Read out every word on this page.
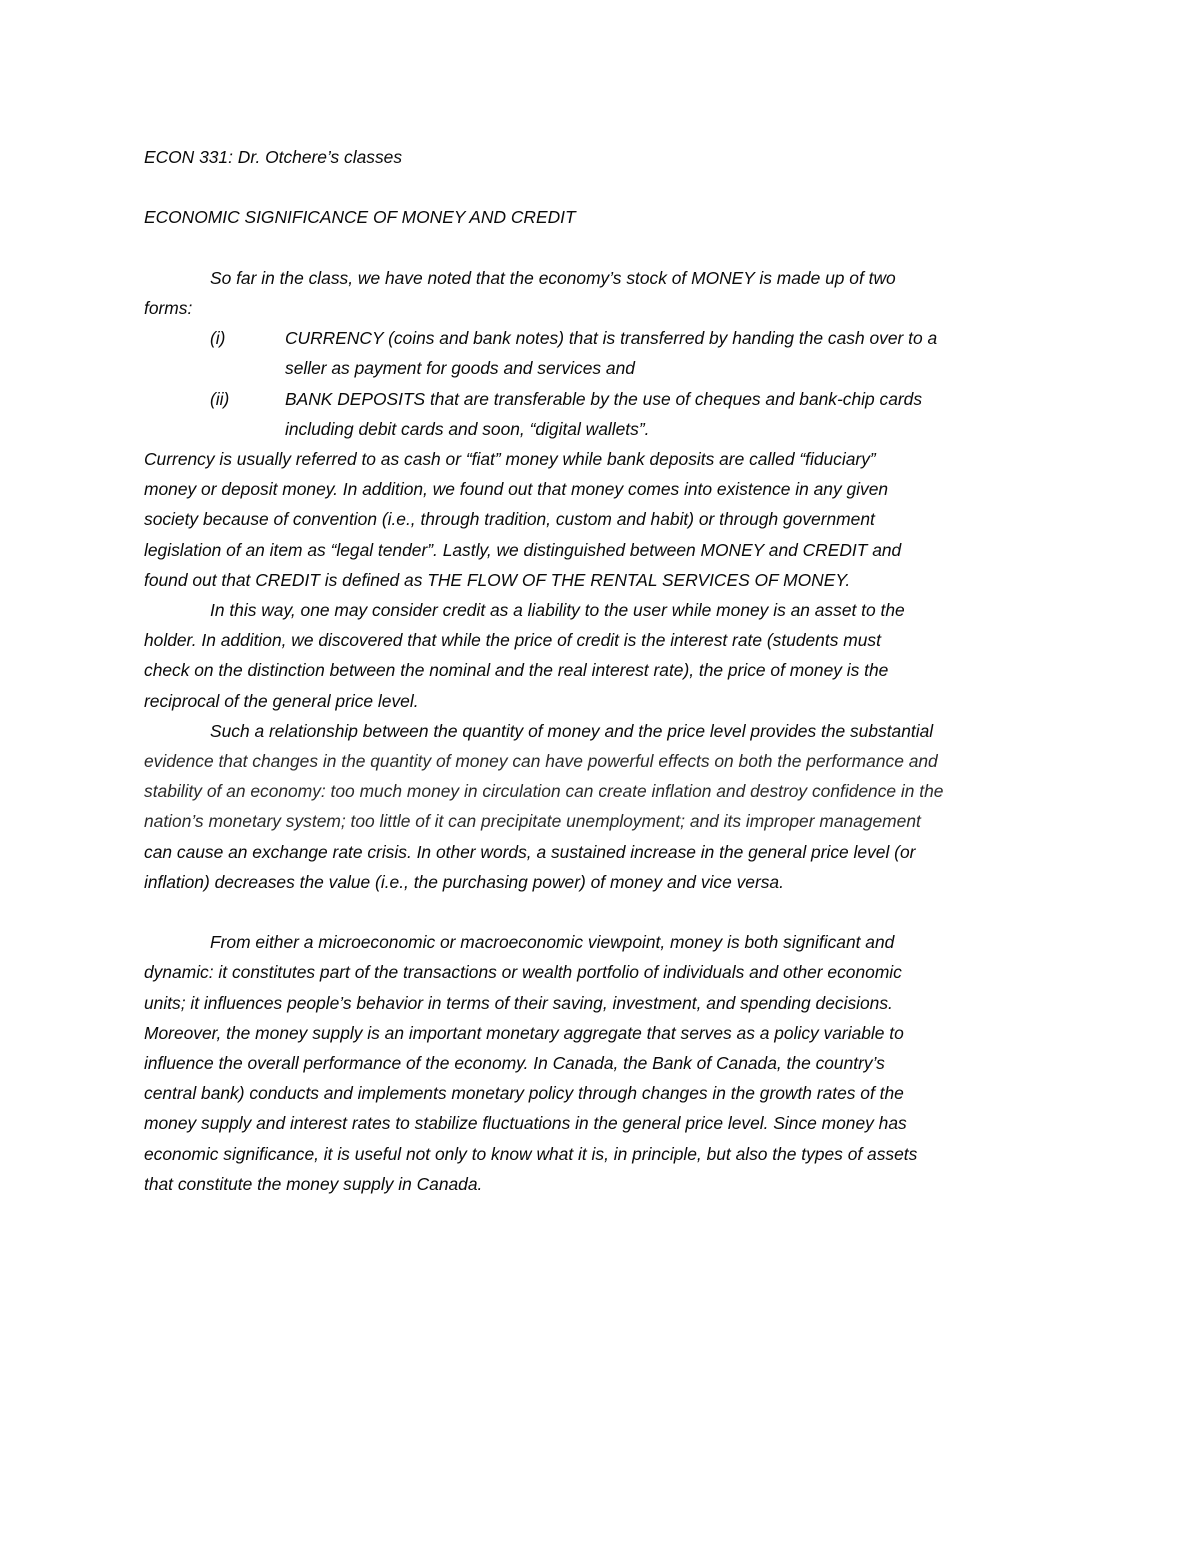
ECON 331: Dr. Otchere’s classes
ECONOMIC SIGNIFICANCE OF MONEY AND CREDIT

So far in the class, we have noted that the economy’s stock of MONEY is made up of two
forms:

(i)	CURRENCY (coins and bank notes) that is transferred by handing the cash over to a
seller as payment for goods and services and
(ii)	BANK DEPOSITS that are transferable by the use of cheques and bank-chip cards
including debit cards and soon, “digital wallets”.

Currency is usually referred to as cash or “fiat” money while bank deposits are called “fiduciary”
money or deposit money. In addition, we found out that money comes into existence in any given
society because of convention (i.e., through tradition, custom and habit) or through government
legislation of an item as “legal tender”. Lastly, we distinguished between MONEY and CREDIT and
found out that CREDIT is defined as THE FLOW OF THE RENTAL SERVICES OF MONEY.

In this way, one may consider credit as a liability to the user while money is an asset to the
holder. In addition, we discovered that while the price of credit is the interest rate (students must
check on the distinction between the nominal and the real interest rate), the price of money is the
reciprocal of the general price level.

Such a relationship between the quantity of money and the price level provides the substantial
evidence that changes in the quantity of money can have powerful effects on both the performance and
stability of an economy: too much money in circulation can create inflation and destroy confidence in the
nation’s monetary system; too little of it can precipitate unemployment; and its improper management
can cause an exchange rate crisis. In other words, a sustained increase in the general price level (or
inflation) decreases the value (i.e., the purchasing power) of money and vice versa.

From either a microeconomic or macroeconomic viewpoint, money is both significant and
dynamic: it constitutes part of the transactions or wealth portfolio of individuals and other economic
units; it influences people’s behavior in terms of their saving, investment, and spending decisions.
Moreover, the money supply is an important monetary aggregate that serves as a policy variable to
influence the overall performance of the economy. In Canada, the Bank of Canada, the country’s
central bank) conducts and implements monetary policy through changes in the growth rates of the
money supply and interest rates to stabilize fluctuations in the general price level. Since money has
economic significance, it is useful not only to know what it is, in principle, but also the types of assets
that constitute the money supply in Canada.
